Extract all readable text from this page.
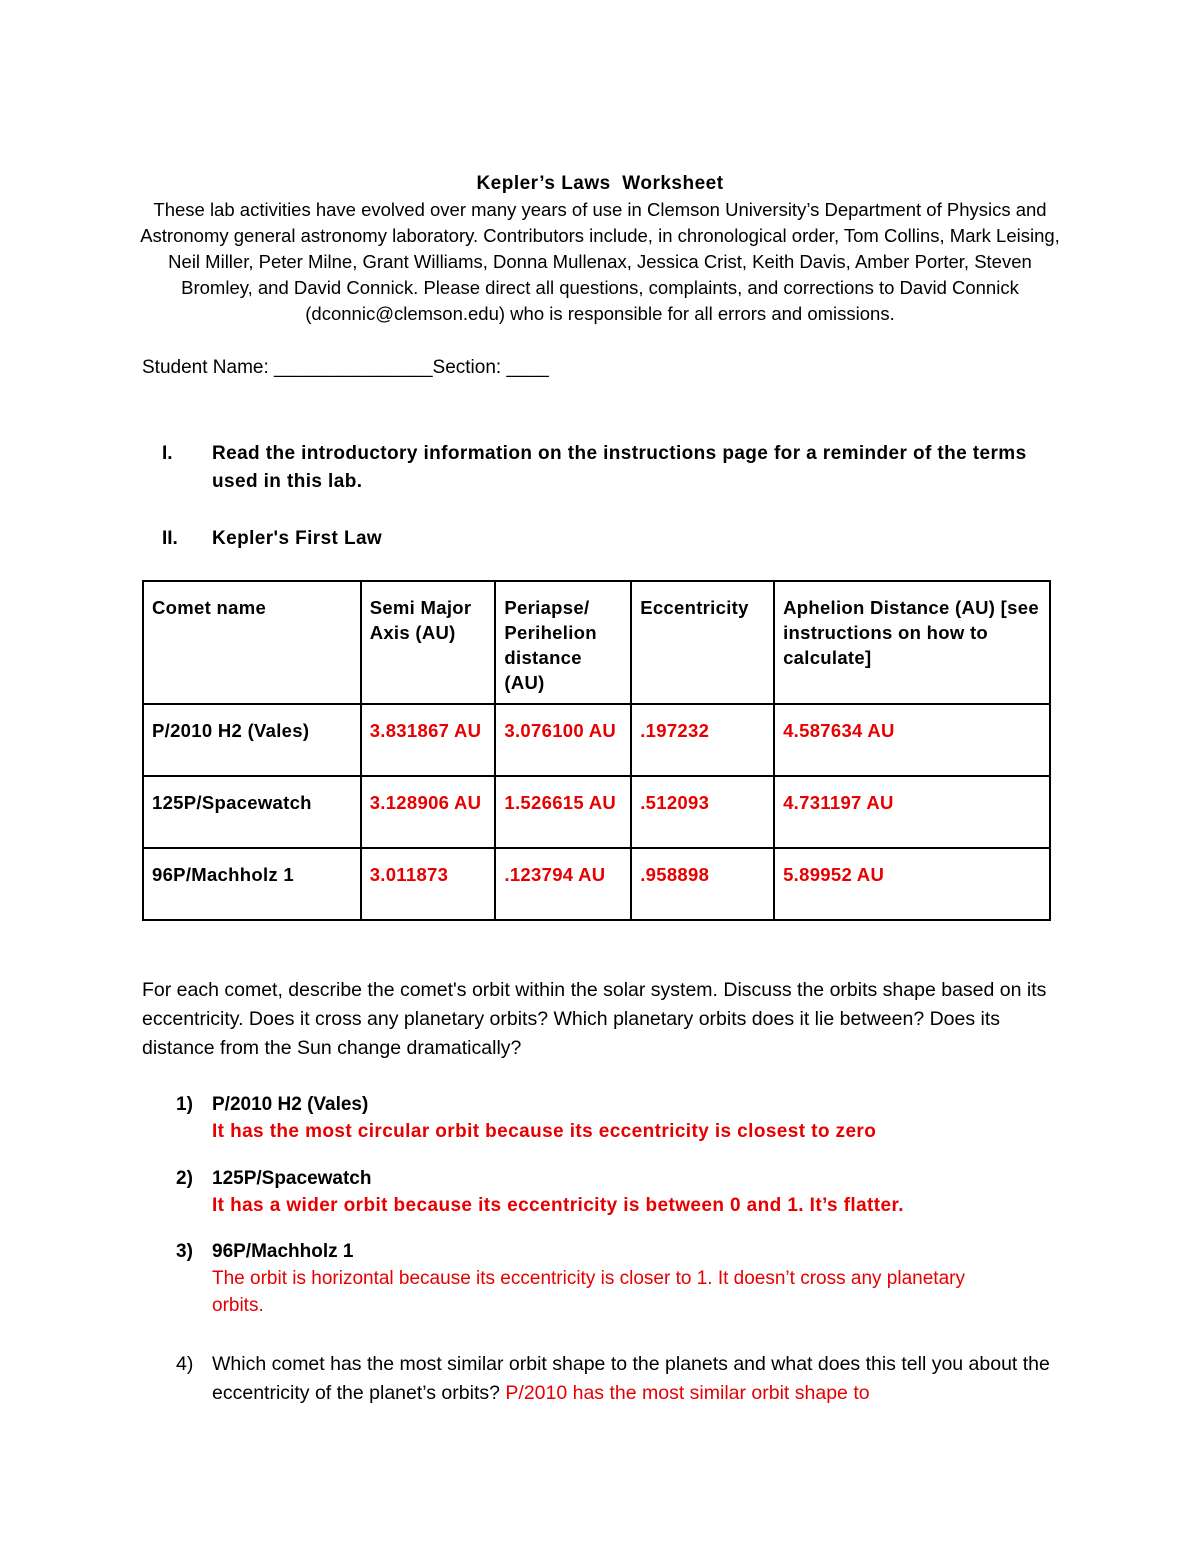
Kepler’s Laws  Worksheet
These lab activities have evolved over many years of use in Clemson University’s Department of Physics and Astronomy general astronomy laboratory. Contributors include, in chronological order, Tom Collins, Mark Leising, Neil Miller, Peter Milne, Grant Williams, Donna Mullenax, Jessica Crist, Keith Davis, Amber Porter, Steven Bromley, and David Connick. Please direct all questions, complaints, and corrections to David Connick (dconnic@clemson.edu) who is responsible for all errors and omissions.
Student Name: _______________Section: ____
I.	Read the introductory information on the instructions page for a reminder of the terms used in this lab.
II.	Kepler's First Law
Comet name	Semi Major Axis (AU)	Periapse/ Perihelion distance (AU)	Eccentricity	Aphelion Distance (AU) [see instructions on how to calculate]
P/2010 H2 (Vales)	3.831867 AU	3.076100 AU	.197232	4.587634 AU
125P/Spacewatch	3.128906 AU	1.526615 AU	.512093	4.731197 AU
96P/Machholz 1	3.011873	.123794 AU	.958898	5.89952 AU
For each comet, describe the comet's orbit within the solar system. Discuss the orbits shape based on its eccentricity. Does it cross any planetary orbits? Which planetary orbits does it lie between? Does its distance from the Sun change dramatically?
1) P/2010 H2 (Vales)
It has the most circular orbit because its eccentricity is closest to zero
2) 125P/Spacewatch
It has a wider orbit because its eccentricity is between 0 and 1. It’s flatter.
3) 96P/Machholz 1
The orbit is horizontal because its eccentricity is closer to 1. It doesn’t cross any planetary orbits.
4) Which comet has the most similar orbit shape to the planets and what does this tell you about the eccentricity of the planet’s orbits? P/2010 has the most similar orbit shape to
